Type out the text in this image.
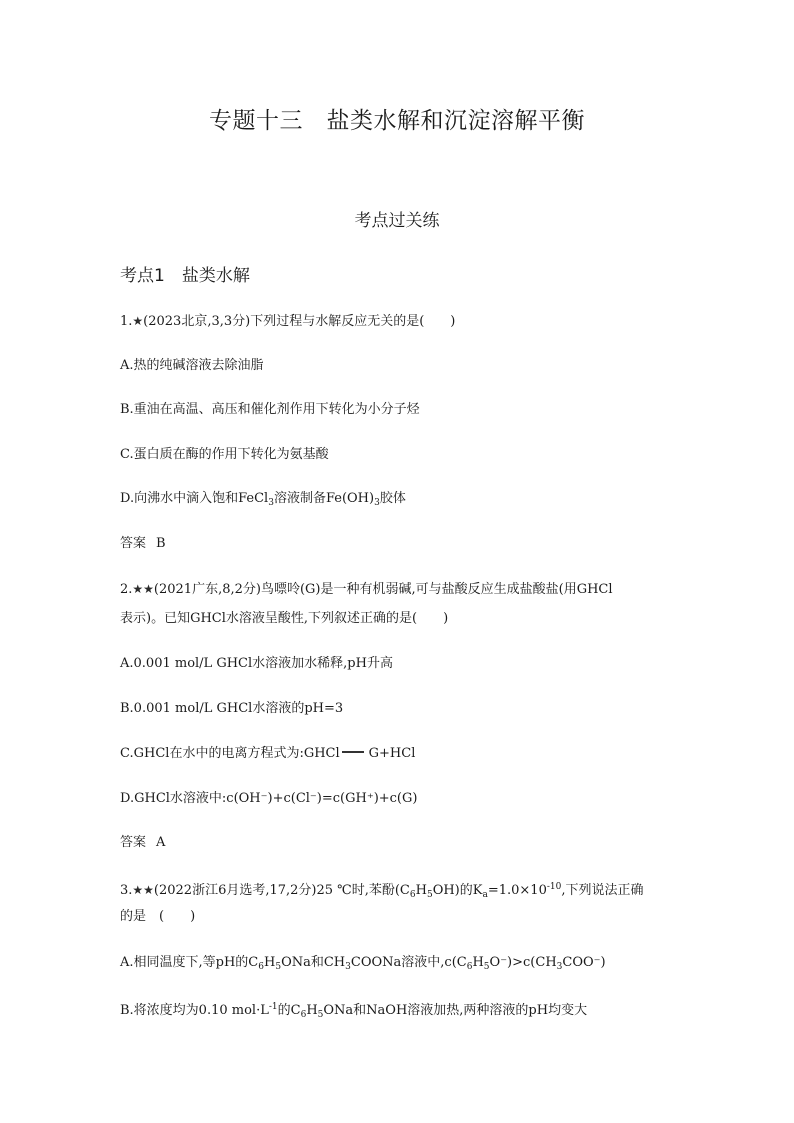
专题十三　盐类水解和沉淀溶解平衡
考点过关练
考点1　盐类水解
1.★(2023北京,3,3分)下列过程与水解反应无关的是(　　)
A.热的纯碱溶液去除油脂
B.重油在高温、高压和催化剂作用下转化为小分子烃
C.蛋白质在酶的作用下转化为氨基酸
D.向沸水中滴入饱和FeCl$_3$溶液制备$Fe(OH)_3$胶体
答案 B
2.★★(2021广东,8,2分)鸟嘌呤(G)是一种有机弱碱,可与盐酸反应生成盐酸盐(用GHCl
表示)。已知GHCl水溶液呈酸性,下列叙述正确的是(　　)
A.0.001 mol/L GHCl水溶液加水稀释,pH升高
B.0.001 mol/L GHCl水溶液的pH=3
C.GHCl在水中的电离方程式为:GHCl G+HCl
D.GHCl水溶液中:c(OH⁻)+c(Cl⁻)=c(GH⁺)+c(G)
答案 A
3.★★(2022浙江6月选考,17,2分)25 ℃时,苯酚$(C_6H_5OH)$的$K_a=1.0\times 10^{-10}$,下列说法正确
的是　(　　)
A.相同温度下,等pH的$C_6H_5ONa$和$CH_3COONa$溶液中$,c(C_6H_5O^-)>c(CH_3COO^-)$
B.将浓度均为0.10 $mol\cdot L^{-1}$的$C_6H_5ONa$和NaOH溶液加热,两种溶液的pH均变大
